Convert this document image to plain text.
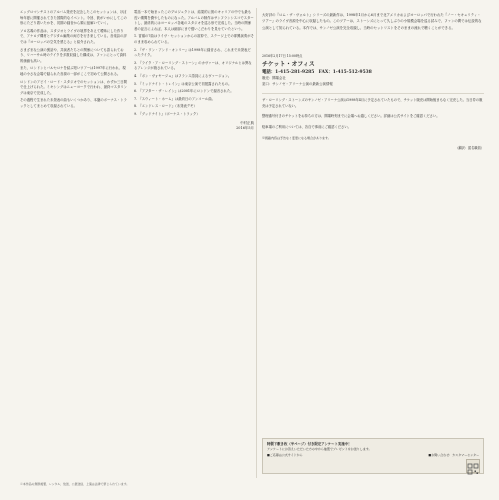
エッグロマンチストのアルバム発売を記念したこのセッションは、ほぼ毎年夏に開催されてきた国際的なイベント。今回、彼がいかにしてこの形にたどり着いたかを、初期の録音から順に紐解いていく。

ソロ名義の作品は、スタジオとライヴの境界をあえて曖昧にした作りで、アナログ機材とデジタル編集の両方を行き来している。音楽誌の評では『ヨーロッパの空気を感じる』と紹介された。

さまざまな公演の裏話や、共演者たちとの関係についても語られており、リハーサル時のテイクを多数収録した構成は、ファンにとって資料的価値も高い。

また、ロンドンとバルセロナを結ぶ短いツアーは1997年に行われ、現地の小さな会場で録られた音源の一部がここで初めて公開される。

ロンドンのアビイ・ロード・スタジオでのセッションは、わずか三日間で仕上げられた。ミキシングはニューヨークで行われ、最終マスタリングは東京で完成した。

その過程で生まれた未発表の曲もいくつかあり、本盤のボーナス・トラックとしてまとめて収録されている。

電話一本で始まったこのプロジェクトは、結果的に彼のキャリアの中でも最も長い期間を費やしたものになった。アルバムの制作はサンフランシスコでスタートし、最終的にはヨーロッパ各地のスタジオを巡る形で完成した。当時の関係者の証言によれば、本人は細部にまで強いこだわりを見せていたという。

1. 冒頭の7曲はライヴ・セッションからの抜粋で、ステージ上での即興演奏がそのまま収められている。

2. 『ザ・ワン・アンド・オンリー』は1998年に録音され、これまで未発表だったテイク。

3. 『ライク・ア・ローリング・ストーン』のカヴァーは、オリジナルとは異なるアレンジが施されている。

4. 『ボン・ヴォヤージュ』はフランス語詞によるヴァージョン。

5. 『ミッドナイト・トレイン』は東京公演で初披露されたもの。

6. 『アフター・ザ・レイン』は2001年にロンドンで録音された。

7. 『スウィート・ホーム』は最終日のアンコール曲。

8. 『エンドレス・ロード』（未発表デモ）

9. 『グッドナイト』（ボーナス・トラック）

中村正典
2016年5月

大好評の『ロム・ザ・ヴォルト』シリーズの最新作は、1998年1月から6月まで北アメリカおよびヨーロッパで行われた『ノー・セキュリティ・ツアー』のライヴ音源を中心に収録したもの。このツアーは、ストーンズにとって久しぶりの小規模会場を巡る試みで、ファンの間では伝説的な公演として知られている。本作では、サンノゼ公演を完全収録し、当時のセットリストをそのままの流れで聴くことができる。

2016年2月17日 15:00時点
チケット・オフィス
電話：1-415-281-9285　FAX：1-415-512-9538
販売：開場会社
窓口：サンノゼ・アリーナ公演の最新公演情報

ザ・ローリング・ストーンズのサンノゼ・アリーナ公演は1998年4月に予定されていたもので、チケット販売は開始後まもなく完売した。当日券の販売は予定されていない。

整理番号付きのチケットをお持ちの方は、開場時刻までに会場へお越しください。詳細は公式サイトをご確認ください。

駐車場のご利用については、各自で事前にご確認ください。

※掲載内容は予告なく変更になる場合があります。
（翻訳：匿名職員）
特製下敷き枚（半ページ）付き限定アンケート実施中！
アンケートにお答えいただいた方の中から抽選でプレゼントをお送りします。
■ご応募は公式サイトから	■お問い合わせ：カスタマーセンター
※本作品の無断複製、レンタル、放送、公衆送信、上演は法律で禁じられています。
